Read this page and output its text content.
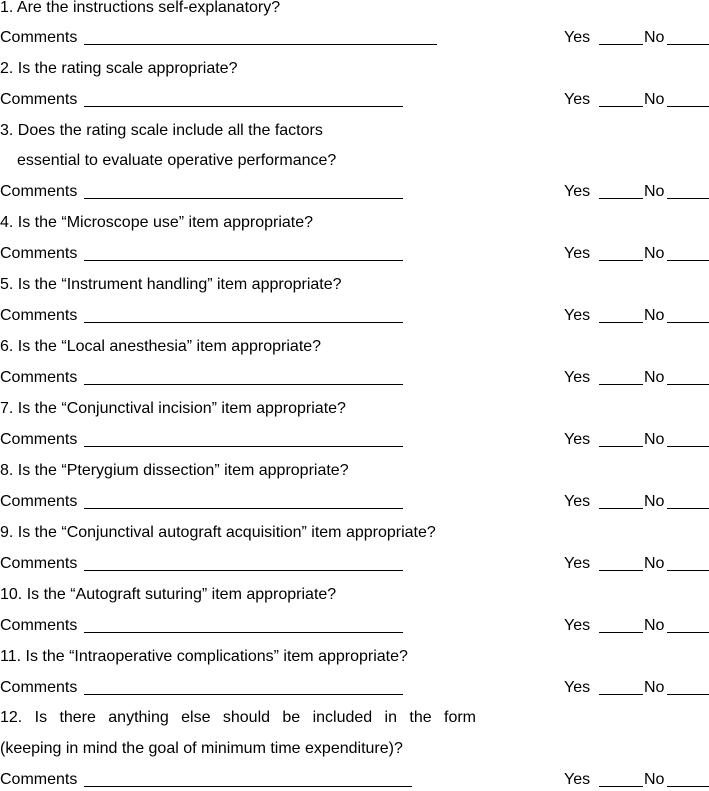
1. Are the instructions self-explanatory?
Comments	Yes	No
2. Is the rating scale appropriate?
Comments	Yes	No
3. Does the rating scale include all the factors
essential to evaluate operative performance?
Comments	Yes	No
4. Is the “Microscope use” item appropriate?
Comments	Yes	No
5. Is the “Instrument handling” item appropriate?
Comments	Yes	No
6. Is the “Local anesthesia” item appropriate?
Comments	Yes	No
7. Is the “Conjunctival incision” item appropriate?
Comments	Yes	No
8. Is the “Pterygium dissection” item appropriate?
Comments	Yes	No
9. Is the “Conjunctival autograft acquisition” item appropriate?
Comments	Yes	No
10. Is the “Autograft suturing” item appropriate?
Comments	Yes	No
11. Is the “Intraoperative complications” item appropriate?
Comments	Yes	No
12. Is there anything else should be included in the form
(keeping in mind the goal of minimum time expenditure)?
Comments	Yes	No
